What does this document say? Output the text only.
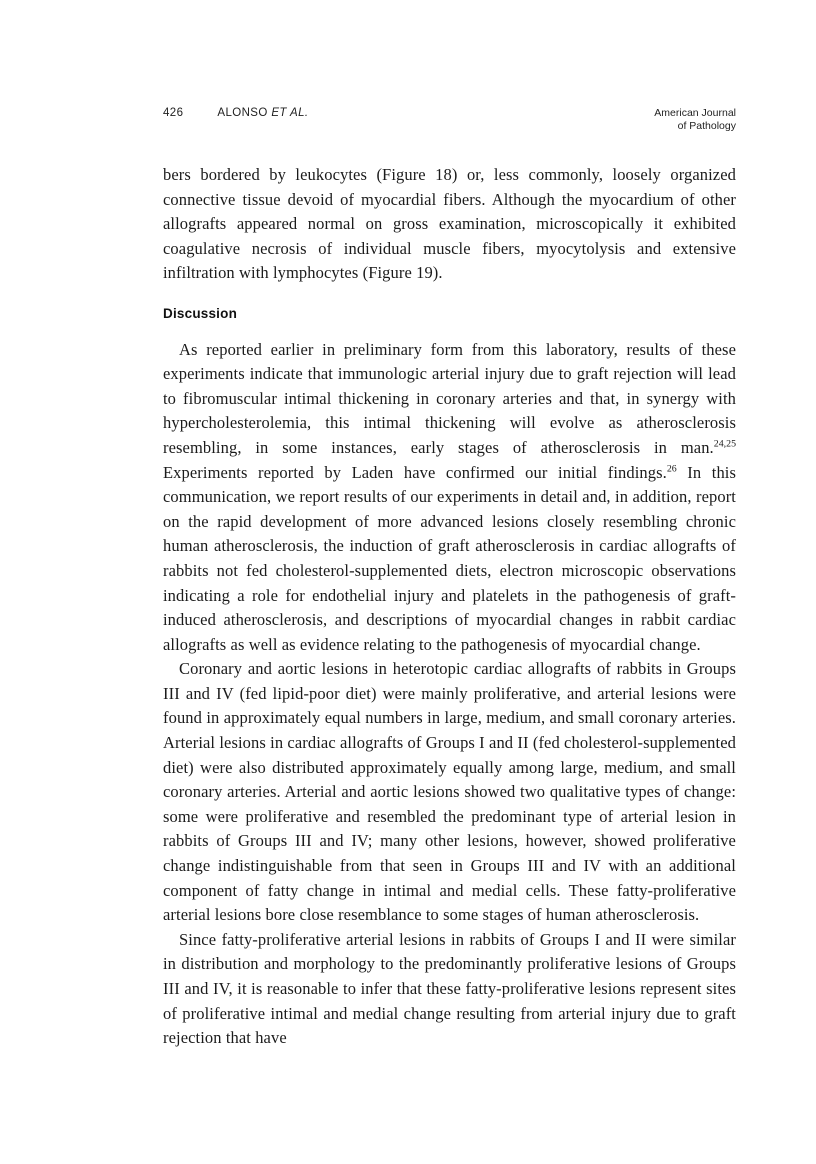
426	ALONSO ET AL.	American Journal
of Pathology

bers bordered by leukocytes (Figure 18) or, less commonly, loosely organized connective tissue devoid of myocardial fibers. Although the myocardium of other allografts appeared normal on gross examination, microscopically it exhibited coagulative necrosis of individual muscle fibers, myocytolysis and extensive infiltration with lymphocytes (Figure 19).

Discussion

As reported earlier in preliminary form from this laboratory, results of these experiments indicate that immunologic arterial injury due to graft rejection will lead to fibromuscular intimal thickening in coronary arteries and that, in synergy with hypercholesterolemia, this intimal thickening will evolve as atherosclerosis resembling, in some instances, early stages of atherosclerosis in man.$^{24,25}$ Experiments reported by Laden have confirmed our initial findings.$^{26}$ In this communication, we report results of our experiments in detail and, in addition, report on the rapid development of more advanced lesions closely resembling chronic human atherosclerosis, the induction of graft atherosclerosis in cardiac allografts of rabbits not fed cholesterol-supplemented diets, electron microscopic observations indicating a role for endothelial injury and platelets in the pathogenesis of graft-induced atherosclerosis, and descriptions of myocardial changes in rabbit cardiac allografts as well as evidence relating to the pathogenesis of myocardial change.

Coronary and aortic lesions in heterotopic cardiac allografts of rabbits in Groups III and IV (fed lipid-poor diet) were mainly proliferative, and arterial lesions were found in approximately equal numbers in large, medium, and small coronary arteries. Arterial lesions in cardiac allografts of Groups I and II (fed cholesterol-supplemented diet) were also distributed approximately equally among large, medium, and small coronary arteries. Arterial and aortic lesions showed two qualitative types of change: some were proliferative and resembled the predominant type of arterial lesion in rabbits of Groups III and IV; many other lesions, however, showed proliferative change indistinguishable from that seen in Groups III and IV with an additional component of fatty change in intimal and medial cells. These fatty-proliferative arterial lesions bore close resemblance to some stages of human atherosclerosis.

Since fatty-proliferative arterial lesions in rabbits of Groups I and II were similar in distribution and morphology to the predominantly proliferative lesions of Groups III and IV, it is reasonable to infer that these fatty-proliferative lesions represent sites of proliferative intimal and medial change resulting from arterial injury due to graft rejection that have
